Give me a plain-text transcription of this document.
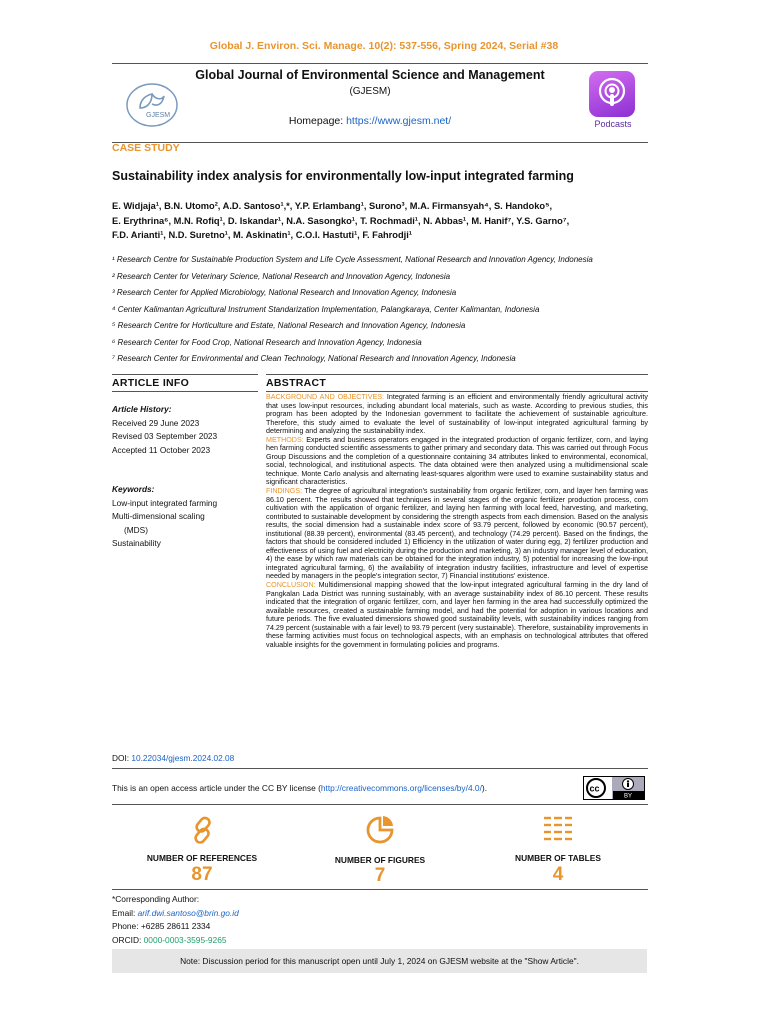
Global J. Environ. Sci. Manage. 10(2): 537-556, Spring 2024, Serial #38
GJESM
Global Journal of Environmental Science and Management
(GJESM)
Homepage: https://www.gjesm.net/	Podcasts
CASE STUDY
Sustainability index analysis for environmentally low-input integrated farming
E. Widjaja¹, B.N. Utomo², A.D. Santoso¹,*, Y.P. Erlambang¹, Surono³, M.A. Firmansyah⁴, S. Handoko⁵,
E. Erythrina⁶, M.N. Rofiq¹, D. Iskandar¹, N.A. Sasongko¹, T. Rochmadi¹, N. Abbas¹, M. Hanif⁷, Y.S. Garno⁷,
F.D. Arianti¹, N.D. Suretno¹, M. Askinatin¹, C.O.I. Hastuti¹, F. Fahrodji¹
¹ Research Centre for Sustainable Production System and Life Cycle Assessment, National Research and Innovation Agency, Indonesia
² Research Center for Veterinary Science, National Research and Innovation Agency, Indonesia
³ Research Center for Applied Microbiology, National Research and Innovation Agency, Indonesia
⁴ Center Kalimantan Agricultural Instrument Standarization Implementation, Palangkaraya, Center Kalimantan, Indonesia
⁵ Research Centre for Horticulture and Estate, National Research and Innovation Agency, Indonesia
⁶ Research Center for Food Crop, National Research and Innovation Agency, Indonesia
⁷ Research Center for Environmental and Clean Technology, National Research and Innovation Agency, Indonesia
ARTICLE INFO	ABSTRACT
Article History:
Received 29 June 2023
Revised 03 September 2023
Accepted 11 October 2023
Keywords:
Low-input integrated farming
Multi-dimensional scaling
(MDS)
Sustainability
BACKGROUND AND OBJECTIVES: Integrated farming is an efficient and environmentally friendly agricultural activity that uses low-input resources, including abundant local materials, such as waste. According to previous studies, this program has been adopted by the Indonesian government to facilitate the achievement of sustainable agriculture. Therefore, this study aimed to evaluate the level of sustainability of low-input integrated agricultural farming by determining and analyzing the sustainability index.
METHODS: Experts and business operators engaged in the integrated production of organic fertilizer, corn, and laying hen farming conducted scientific assessments to gather primary and secondary data. This was carried out through Focus Group Discussions and the completion of a questionnaire containing 34 attributes linked to environmental, economical, social, technological, and institutional aspects. The data obtained were then analyzed using a multidimensional scale technique. Monte Carlo analysis and alternating least-squares algorithm were used to examine sustainability status and significant characteristics.
FINDINGS: The degree of agricultural integration's sustainability from organic fertilizer, corn, and layer hen farming was 86.10 percent. The results showed that techniques in several stages of the organic fertilizer production process, corn cultivation with the application of organic fertilizer, and laying hen farming with local feed, harvesting, and marketing, contributed to sustainable development by considering the strength aspects from each dimension. Based on the analysis results, the social dimension had a sustainable index score of 93.79 percent, followed by economic (90.57 percent), institutional (88.39 percent), environmental (83.45 percent), and technology (74.29 percent). Based on the findings, the factors that should be considered included 1) Efficiency in the utilization of water during egg, 2) fertilizer production and effectiveness of using fuel and electricity during the production and marketing, 3) an industry manager level of education, 4) the ease by which raw materials can be obtained for the integration industry, 5) potential for increasing the low-input integrated agricultural farming, 6) the availability of integration industry facilities, infrastructure and level of expertise needed by managers in the people's integration sector, 7) Financial institutions' existence.
CONCLUSION: Multidimensional mapping showed that the low-input integrated agricultural farming in the dry land of Pangkalan Lada District was running sustainably, with an average sustainability index of 86.10 percent. These results indicated that the integration of organic fertilizer, corn, and layer hen farming in the area had successfully optimized the available resources, created a sustainable farming model, and had the potential for adoption in various locations and future periods. The five evaluated dimensions showed good sustainability levels, with sustainability indices ranging from 74.29 percent (sustainable with a fair level) to 93.79 percent (very sustainable). Therefore, sustainability improvements in these farming activities must focus on technological aspects, with an emphasis on technological attributes that offered valuable insights for the government in formulating policies and programs.
DOI: 10.22034/gjesm.2024.02.08
This is an open access article under the CC BY license (http://creativecommons.org/licenses/by/4.0/).	cc
BY
NUMBER OF REFERENCES
87
NUMBER OF FIGURES
7
NUMBER OF TABLES
4
*Corresponding Author:
Email: arif.dwi.santoso@brin.go.id
Phone: +6285 28611 2334
ORCID: 0000-0003-3595-9265
Note: Discussion period for this manuscript open until July 1, 2024 on GJESM website at the "Show Article".
